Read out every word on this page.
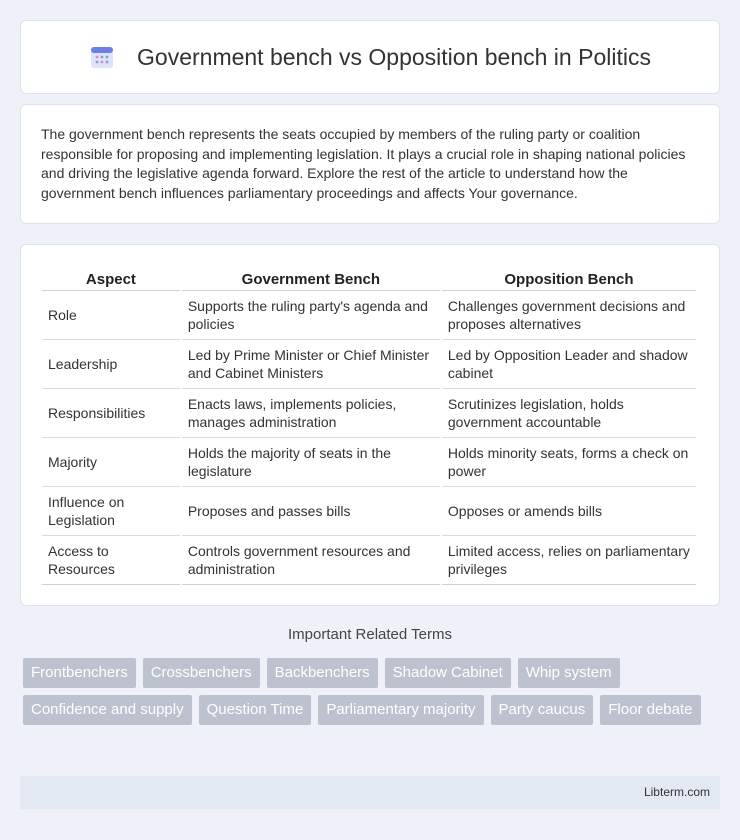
Government bench vs Opposition bench in Politics

The government bench represents the seats occupied by members of the ruling party or coalition responsible for proposing and implementing legislation. It plays a crucial role in shaping national policies and driving the legislative agenda forward. Explore the rest of the article to understand how the government bench influences parliamentary proceedings and affects Your governance.

Aspect	Government Bench	Opposition Bench
Role	Supports the ruling party's agenda and policies	Challenges government decisions and proposes alternatives
Leadership	Led by Prime Minister or Chief Minister and Cabinet Ministers	Led by Opposition Leader and shadow cabinet
Responsibilities	Enacts laws, implements policies, manages administration	Scrutinizes legislation, holds government accountable
Majority	Holds the majority of seats in the legislature	Holds minority seats, forms a check on power
Influence on Legislation	Proposes and passes bills	Opposes or amends bills
Access to Resources	Controls government resources and administration	Limited access, relies on parliamentary privileges
Important Related Terms
Frontbenchers	Crossbenchers	Backbenchers	Shadow Cabinet	Whip system
Confidence and supply	Question Time	Parliamentary majority	Party caucus	Floor debate
Libterm.com
